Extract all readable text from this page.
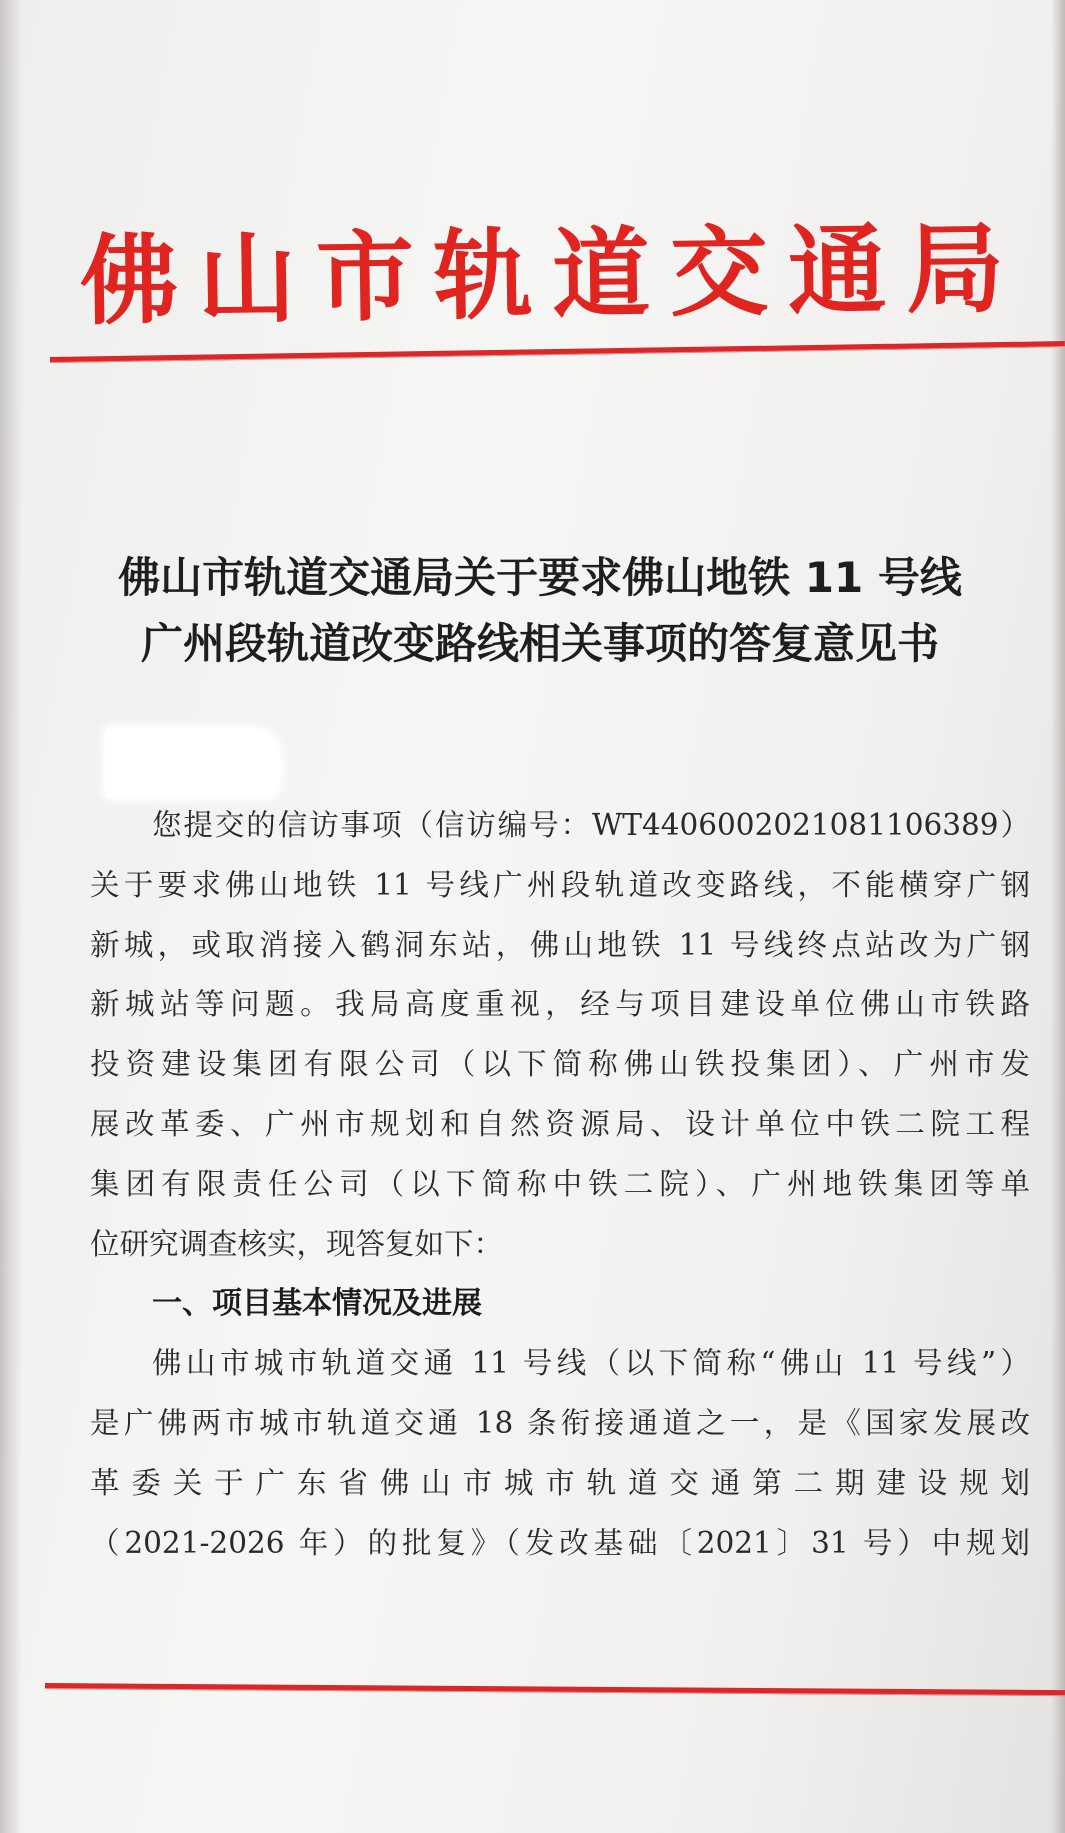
佛山市轨道交通局
佛山市轨道交通局关于要求佛山地铁 11 号线
广州段轨道改变路线相关事项的答复意见书
您提交的信访事项（信访编号：WT4406002021081106389）
关于要求佛山地铁 11 号线广州段轨道改变路线，不能横穿广钢
新城，或取消接入鹤洞东站，佛山地铁 11 号线终点站改为广钢
新城站等问题。我局高度重视，经与项目建设单位佛山市铁路
投资建设集团有限公司（以下简称佛山铁投集团）、广州市发
展改革委、广州市规划和自然资源局、设计单位中铁二院工程
集团有限责任公司（以下简称中铁二院）、广州地铁集团等单
位研究调查核实，现答复如下：
一、项目基本情况及进展
佛山市城市轨道交通 11 号线（以下简称“佛山 11 号线”）
是广佛两市城市轨道交通 18 条衔接通道之一，是《国家发展改
革委关于广东省佛山市城市轨道交通第二期建设规划
（2021-2026 年）的批复》（发改基础〔2021〕31 号）中规划
